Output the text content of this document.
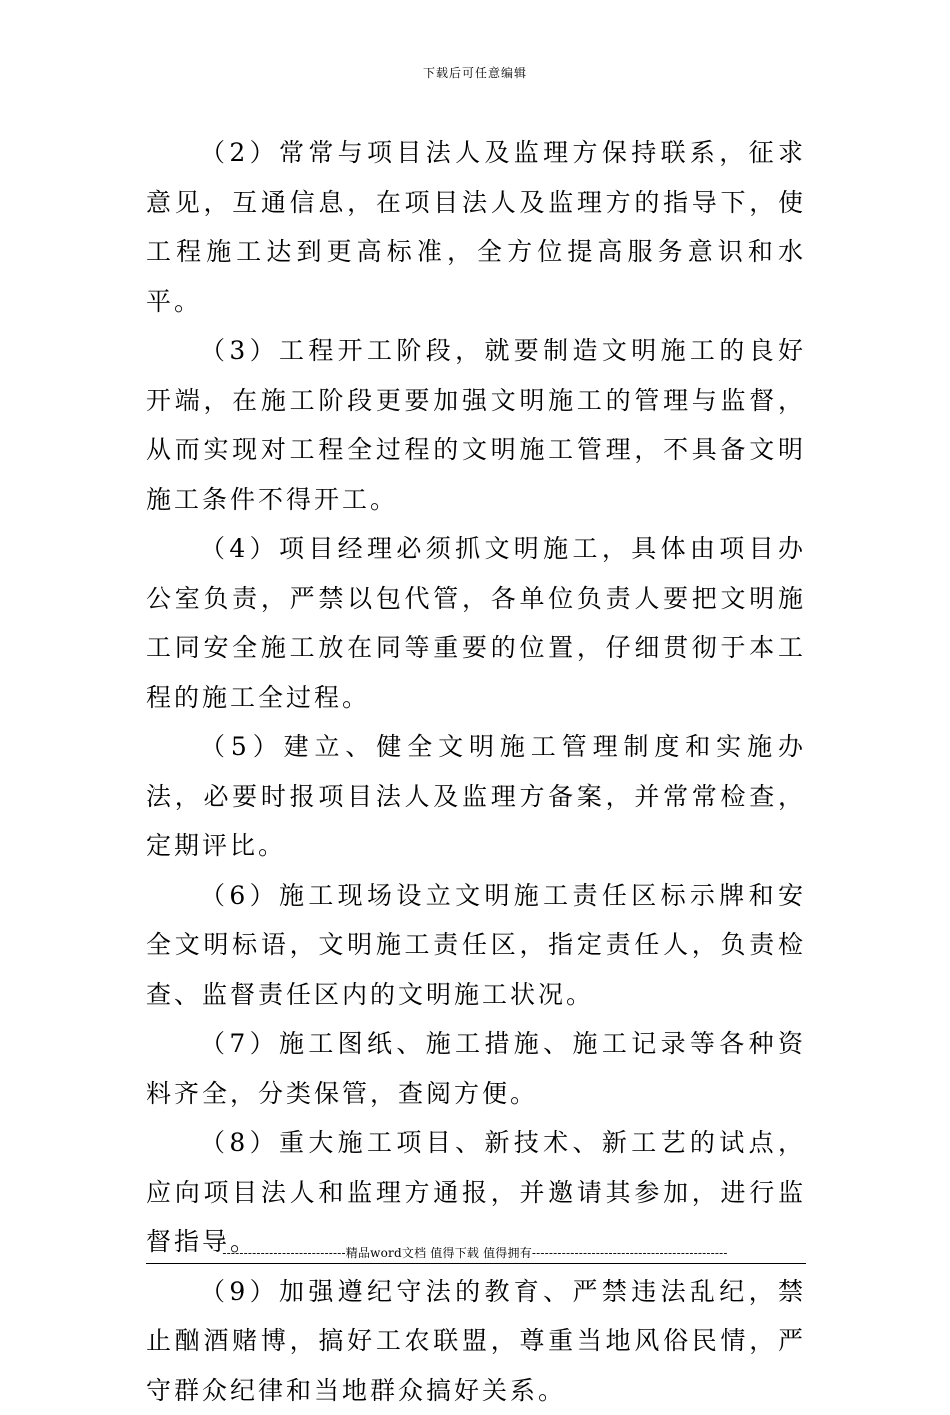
下载后可任意编辑

（2）常常与项目法人及监理方保持联系，征求意见，互通信息，在项目法人及监理方的指导下，使工程施工达到更高标准，全方位提高服务意识和水平。

（3）工程开工阶段，就要制造文明施工的良好开端，在施工阶段更要加强文明施工的管理与监督，从而实现对工程全过程的文明施工管理，不具备文明施工条件不得开工。

（4）项目经理必须抓文明施工，具体由项目办公室负责，严禁以包代管，各单位负责人要把文明施工同安全施工放在同等重要的位置，仔细贯彻于本工程的施工全过程。

（5）建立、健全文明施工管理制度和实施办法，必要时报项目法人及监理方备案，并常常检查，定期评比。

（6）施工现场设立文明施工责任区标示牌和安全文明标语，文明施工责任区，指定责任人，负责检查、监督责任区内的文明施工状况。

（7）施工图纸、施工措施、施工记录等各种资料齐全，分类保管，查阅方便。

（8）重大施工项目、新技术、新工艺的试点，应向项目法人和监理方通报，并邀请其参加，进行监督指导。

（9）加强遵纪守法的教育、严禁违法乱纪，禁止酗酒赌博，搞好工农联盟，尊重当地风俗民情，严守群众纪律和当地群众搞好关系。

-----------------------------精品word文档 值得下载 值得拥有----------------------------------------------
